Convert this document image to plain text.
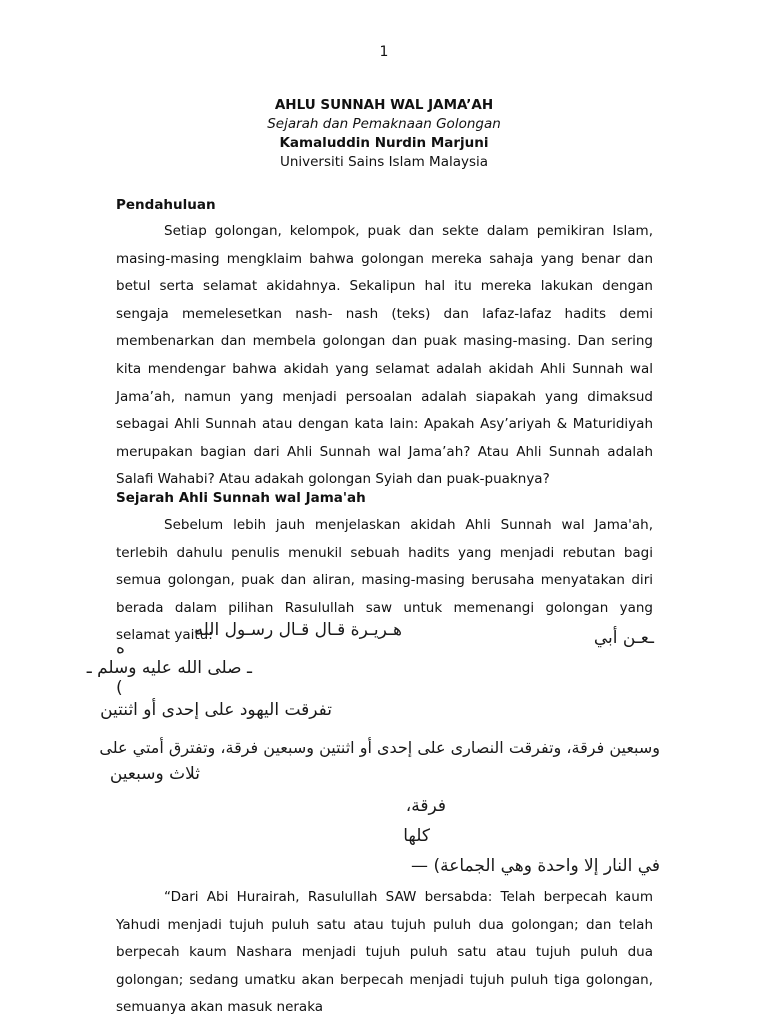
1
AHLU SUNNAH WAL JAMA’AH
Sejarah dan Pemaknaan Golongan
Kamaluddin Nurdin Marjuni
Universiti Sains Islam Malaysia
Pendahuluan

Setiap golongan, kelompok, puak dan sekte dalam pemikiran Islam, masing-masing mengklaim bahwa golongan mereka sahaja yang benar dan betul serta selamat akidahnya. Sekalipun hal itu mereka lakukan dengan sengaja memelesetkan nash- nash (teks) dan lafaz-lafaz hadits demi membenarkan dan membela golongan dan puak masing-masing. Dan sering kita mendengar bahwa akidah yang selamat adalah akidah Ahli Sunnah wal Jama’ah, namun yang menjadi persoalan adalah siapakah yang dimaksud sebagai Ahli Sunnah atau dengan kata lain: Apakah Asy’ariyah & Maturidiyah merupakan bagian dari Ahli Sunnah wal Jama’ah? Atau Ahli Sunnah adalah Salafi Wahabi? Atau adakah golongan Syiah dan puak-puaknya?

Sejarah Ahli Sunnah wal Jama'ah

Sebelum lebih jauh menjelaskan akidah Ahli Sunnah wal Jama'ah, terlebih dahulu penulis menukil sebuah hadits yang menjadi rebutan bagi semua golongan, puak dan aliran, masing-masing berusaha menyatakan diri berada dalam pilihan Rasulullah saw untuk memenangi golongan yang selamat yaitu:	ـعـن أبي
هـريـرة قـال قـال رسـول الله
ه
ـ صلى الله عليه وسلم ـ
)
تفرقت اليهود على إحدى أو اثنتين
وسبعين فرقة، وتفرقت النصارى على إحدى أو اثنتين وسبعين فرقة، وتفترق أمتي على
ثلاث وسبعين
فرقة،
كلها
في النار إلا واحدة وهي الجماعة) —

“Dari Abi Hurairah, Rasulullah SAW bersabda: Telah berpecah kaum Yahudi menjadi tujuh puluh satu atau tujuh puluh dua golongan; dan telah berpecah kaum Nashara menjadi tujuh puluh satu atau tujuh puluh dua golongan; sedang umatku akan berpecah menjadi tujuh puluh tiga golongan, semuanya akan masuk neraka
